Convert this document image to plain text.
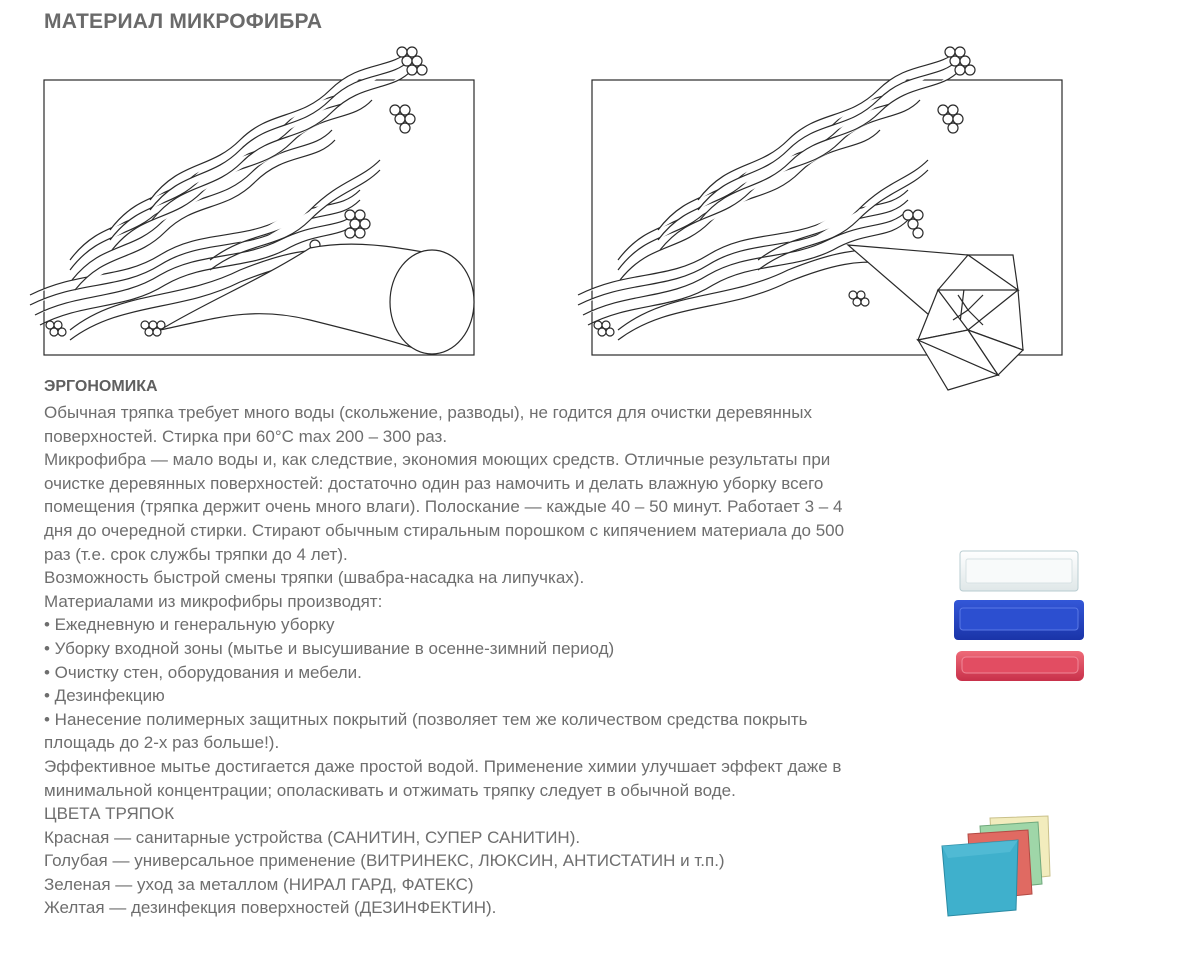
МАТЕРИАЛ МИКРОФИБРА
ЭРГОНОМИКА

Обычная тряпка требует много воды (скольжение, разводы), не годится для очистки деревянных

поверхностей. Стирка при 60°С max 200 – 300 раз.

Микрофибра — мало воды и, как следствие, экономия моющих средств. Отличные результаты при

очистке деревянных поверхностей: достаточно один раз намочить и делать влажную уборку всего

помещения (тряпка держит очень много влаги). Полоскание — каждые 40 – 50 минут. Работает 3 – 4

дня до очередной стирки. Стирают обычным стиральным порошком с кипячением материала до 500

раз (т.е. срок службы тряпки до 4 лет).

Возможность быстрой смены тряпки (швабра-насадка на липучках).

Материалами из микрофибры производят:

• Ежедневную и генеральную уборку

• Уборку входной зоны (мытье и высушивание в осенне-зимний период)

• Очистку стен, оборудования и мебели.

• Дезинфекцию

• Нанесение полимерных защитных покрытий (позволяет тем же количеством средства покрыть

площадь до 2-х раз больше!).

Эффективное мытье достигается даже простой водой. Применение химии улучшает эффект даже в

минимальной концентрации; ополаскивать и отжимать тряпку следует в обычной воде.

ЦВЕТА ТРЯПОК

Красная — санитарные устройства (САНИТИН, СУПЕР САНИТИН).

Голубая — универсальное применение (ВИТРИНЕКС, ЛЮКСИН, АНТИСТАТИН и т.п.)

Зеленая — уход за металлом (НИРАЛ ГАРД, ФАТЕКС)

Желтая — дезинфекция поверхностей (ДЕЗИНФЕКТИН).
